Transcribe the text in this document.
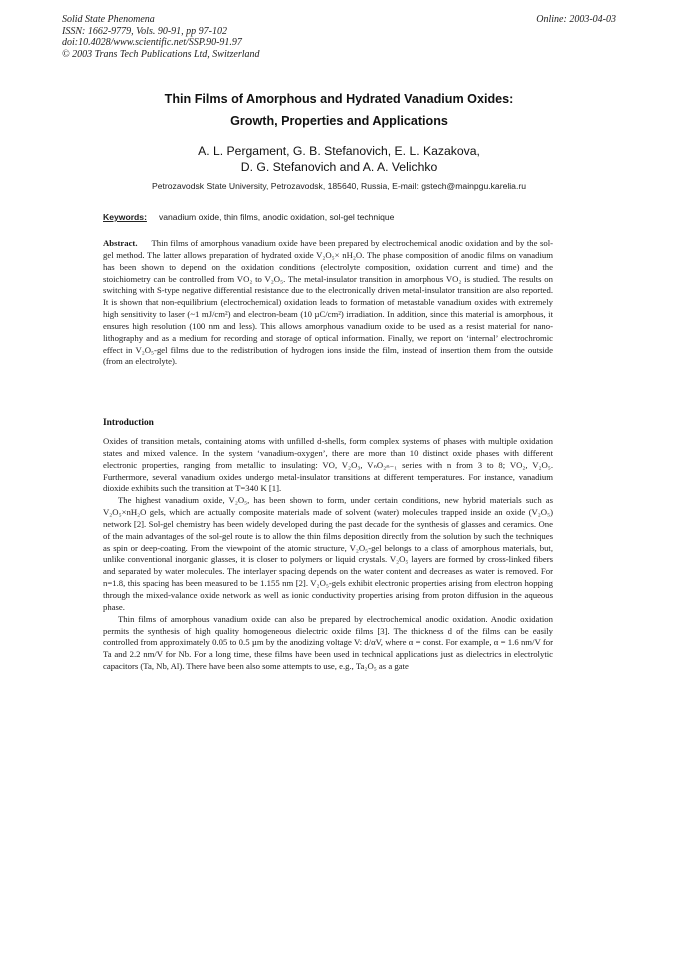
Solid State Phenomena
ISSN: 1662-9779, Vols. 90-91, pp 97-102
doi:10.4028/www.scientific.net/SSP.90-91.97
© 2003 Trans Tech Publications Ltd, Switzerland
Online: 2003-04-03
Thin Films of Amorphous and Hydrated Vanadium Oxides:
Growth, Properties and Applications
A. L. Pergament, G. B. Stefanovich, E. L. Kazakova,
D. G. Stefanovich and A. A. Velichko
Petrozavodsk State University, Petrozavodsk, 185640, Russia, E-mail: gstech@mainpgu.karelia.ru
Keywords: vanadium oxide, thin films, anodic oxidation, sol-gel technique
Abstract. Thin films of amorphous vanadium oxide have been prepared by electrochemical anodic oxidation and by the sol-gel method. The latter allows preparation of hydrated oxide V₂O₅× nH₂O. The phase composition of anodic films on vanadium has been shown to depend on the oxidation conditions (electrolyte composition, oxidation current and time) and the stoichiometry can be controlled from VO₂ to V₂O₅. The metal-insulator transition in amorphous VO₂ is studied. The results on switching with S-type negative differential resistance due to the electronically driven metal-insulator transition are also reported. It is shown that non-equilibrium (electrochemical) oxidation leads to formation of metastable vanadium oxides with extremely high sensitivity to laser (~1 mJ/cm²) and electron-beam (10 µC/cm²) irradiation. In addition, since this material is amorphous, it ensures high resolution (100 nm and less). This allows amorphous vanadium oxide to be used as a resist material for nano-lithography and as a medium for recording and storage of optical information. Finally, we report on ‘internal’ electrochromic effect in V₂O₅-gel films due to the redistribution of hydrogen ions inside the film, instead of insertion them from the outside (from an electrolyte).
Introduction

Oxides of transition metals, containing atoms with unfilled d-shells, form complex systems of phases with multiple oxidation states and mixed valence. In the system ‘vanadium-oxygen’, there are more than 10 distinct oxide phases with different electronic properties, ranging from metallic to insulating: VO, V₂O₃, VₙO₂ₙ₋₁ series with n from 3 to 8; VO₂, V₂O₅. Furthermore, several vanadium oxides undergo metal-insulator transitions at different temperatures. For instance, vanadium dioxide exhibits such the transition at T=340 K [1].

The highest vanadium oxide, V₂O₅, has been shown to form, under certain conditions, new hybrid materials such as V₂O₅×nH₂O gels, which are actually composite materials made of solvent (water) molecules trapped inside an oxide (V₂O₅) network [2]. Sol-gel chemistry has been widely developed during the past decade for the synthesis of glasses and ceramics. One of the main advantages of the sol-gel route is to allow the thin films deposition directly from the solution by such the techniques as spin or deep-coating. From the viewpoint of the atomic structure, V₂O₅-gel belongs to a class of amorphous materials, but, unlike conventional inorganic glasses, it is closer to polymers or liquid crystals. V₂O₅ layers are formed by cross-linked fibers and separated by water molecules. The interlayer spacing depends on the water content and decreases as water is removed. For n=1.8, this spacing has been measured to be 1.155 nm [2]. V₂O₅-gels exhibit electronic properties arising from electron hopping through the mixed-valance oxide network as well as ionic conductivity properties arising from proton diffusion in the aqueous phase.

Thin films of amorphous vanadium oxide can also be prepared by electrochemical anodic oxidation. Anodic oxidation permits the synthesis of high quality homogeneous dielectric oxide films [3]. The thickness d of the films can be easily controlled from approximately 0.05 to 0.5 µm by the anodizing voltage V: d/αV, where α = const. For example, α = 1.6 nm/V for Ta and 2.2 nm/V for Nb. For a long time, these films have been used in technical applications just as dielectrics in electrolytic capacitors (Ta, Nb, Al). There have been also some attempts to use, e.g., Ta₂O₅ as a gate
